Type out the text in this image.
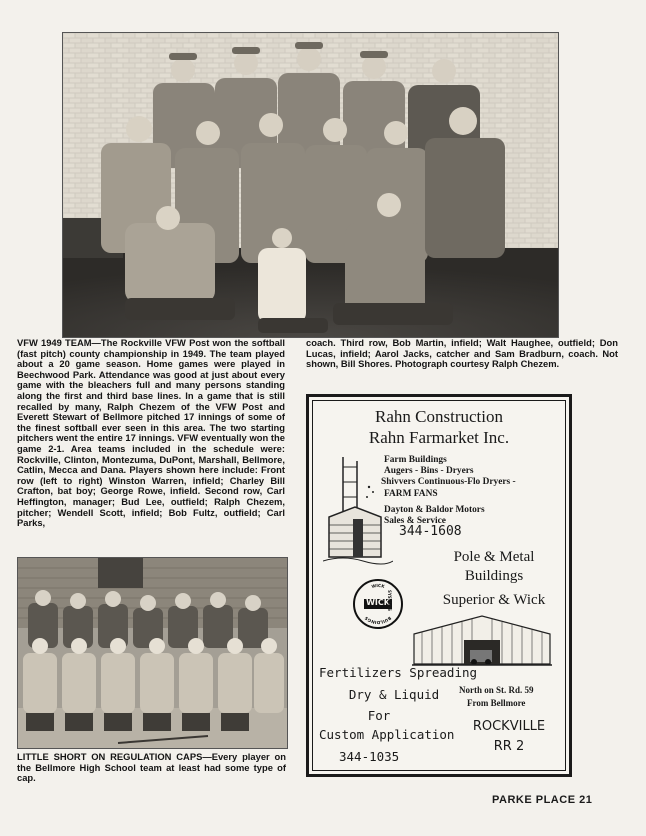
VFW 1949 TEAM—The Rockville VFW Post won the softball (fast pitch) county championship in 1949. The team played about a 20 game season. Home games were played in Beechwood Park. Attendance was good at just about every game with the bleachers full and many persons standing along the first and third base lines. In a game that is still recalled by many, Ralph Chezem of the VFW Post and Everett Stewart of Bellmore pitched 17 innings of some of the finest softball ever seen in this area. The two starting pitchers went the entire 17 innings. VFW eventually won the game 2-1. Area teams included in the schedule were: Rockville, Clinton, Montezuma, DuPont, Marshall, Bellmore, Catlin, Mecca and Dana. Players shown here include: Front row (left to right) Winston Warren, infield; Charley Bill Crafton, bat boy; George Rowe, infield. Second row, Carl Heffington, manager; Bud Lee, outfield; Ralph Chezem, pitcher; Wendell Scott, infield; Bob Fultz, outfield; Carl Parks,

coach. Third row, Bob Martin, infield; Walt Haughee, outfield; Don Lucas, infield; Aarol Jacks, catcher and Sam Bradburn, coach. Not shown, Bill Shores. Photograph courtesy Ralph Chezem.

LITTLE SHORT ON REGULATION CAPS—Every player on the Bellmore High School team at least had some type of cap.

Rahn Construction
Rahn Farmarket Inc.
Farm Buildings
Augers - Bins - Dryers
Shivvers Continuous-Flo Dryers -
FARM FANS
Dayton & Baldor Motors
Sales & Service
344-1608
Pole & Metal
Buildings
WICK
BUILDINGS
WICK
SYSTEMS	Superior & Wick
Fertilizers Spreading
Dry & Liquid
For
Custom Application
344-1035
North on St. Rd. 59
From Bellmore
ROCKVILLE
RR 2
PARKE PLACE 21
